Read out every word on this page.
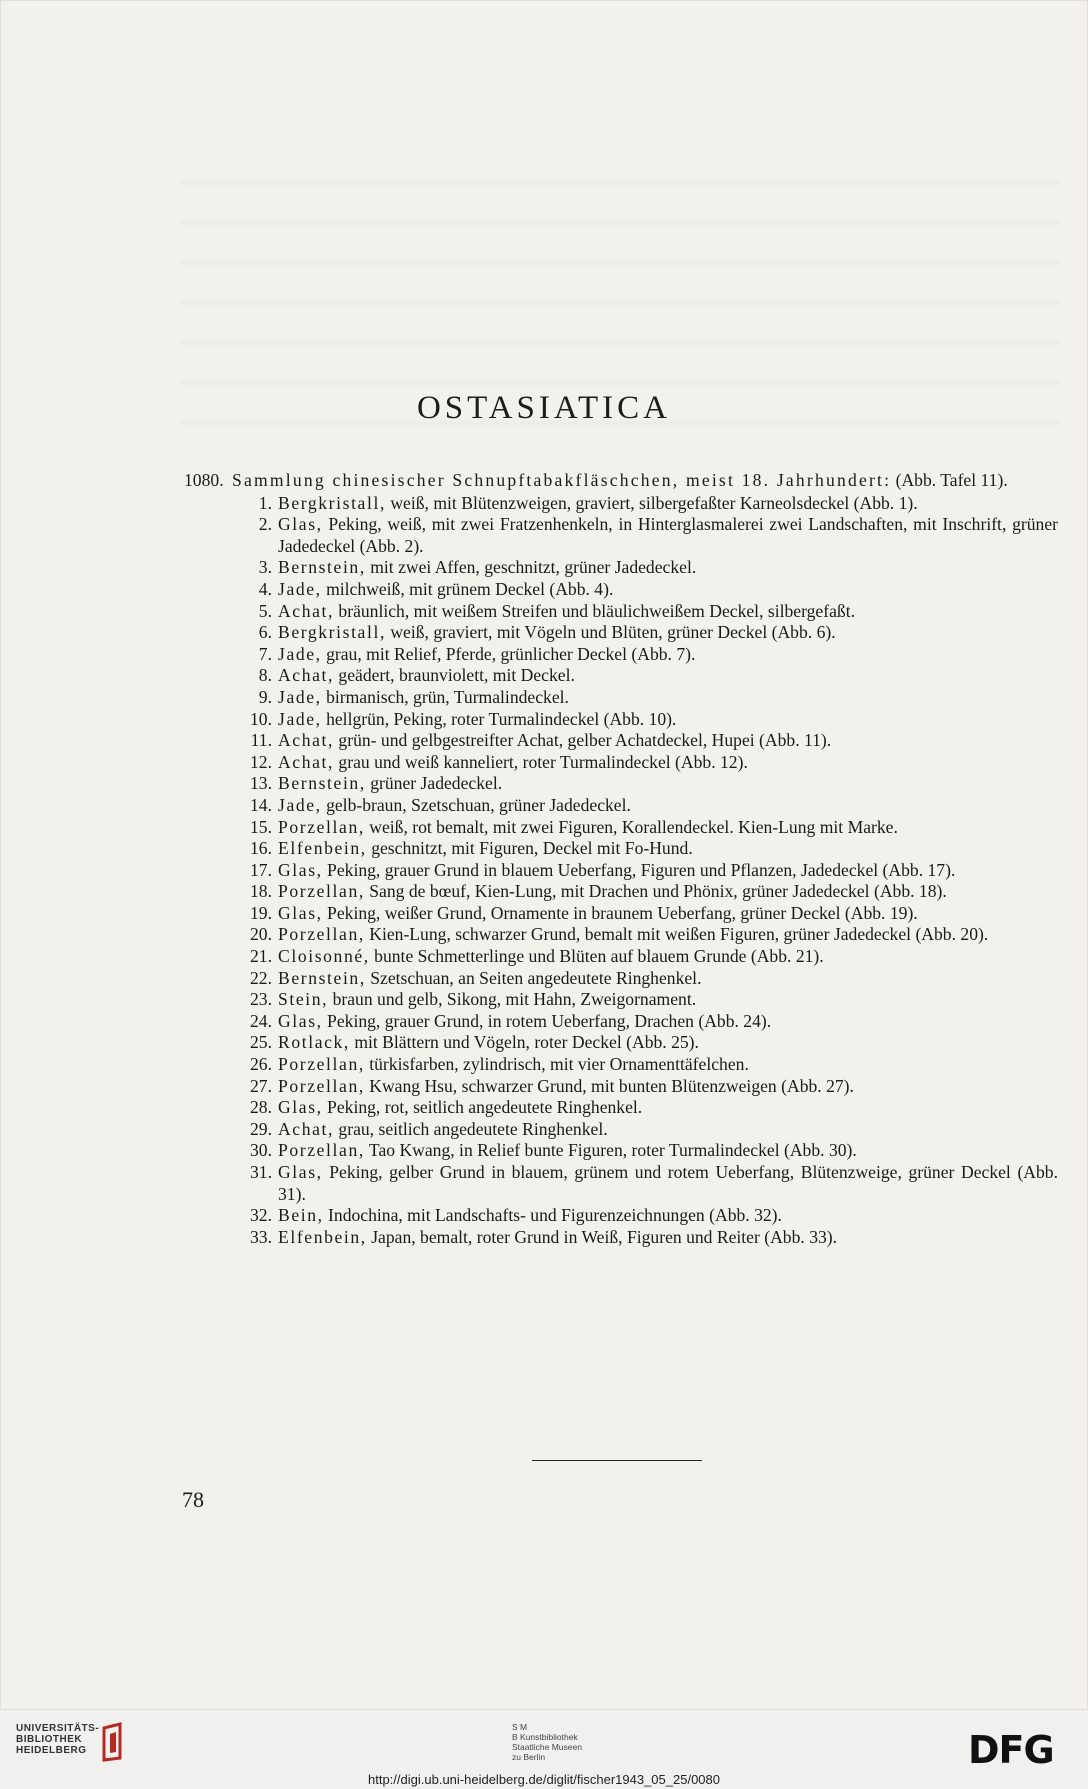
OSTASIATICA
1080. Sammlung chinesischer Schnupftabakfläschchen, meist 18. Jahrhundert: (Abb. Tafel 11).
1. Bergkristall, weiß, mit Blütenzweigen, graviert, silbergefaßter Karneolsdeckel (Abb. 1).
2. Glas, Peking, weiß, mit zwei Fratzenhenkeln, in Hinterglasmalerei zwei Landschaften, mit Inschrift, grüner Jadedeckel (Abb. 2).
3. Bernstein, mit zwei Affen, geschnitzt, grüner Jadedeckel.
4. Jade, milchweiß, mit grünem Deckel (Abb. 4).
5. Achat, bräunlich, mit weißem Streifen und bläulichweißem Deckel, silbergefaßt.
6. Bergkristall, weiß, graviert, mit Vögeln und Blüten, grüner Deckel (Abb. 6).
7. Jade, grau, mit Relief, Pferde, grünlicher Deckel (Abb. 7).
8. Achat, geädert, braunviolett, mit Deckel.
9. Jade, birmanisch, grün, Turmalindeckel.
10. Jade, hellgrün, Peking, roter Turmalindeckel (Abb. 10).
11. Achat, grün- und gelbgestreifter Achat, gelber Achatdeckel, Hupei (Abb. 11).
12. Achat, grau und weiß kanneliert, roter Turmalindeckel (Abb. 12).
13. Bernstein, grüner Jadedeckel.
14. Jade, gelb-braun, Szetschuan, grüner Jadedeckel.
15. Porzellan, weiß, rot bemalt, mit zwei Figuren, Korallendeckel. Kien-Lung mit Marke.
16. Elfenbein, geschnitzt, mit Figuren, Deckel mit Fo-Hund.
17. Glas, Peking, grauer Grund in blauem Ueberfang, Figuren und Pflanzen, Jadedeckel (Abb. 17).
18. Porzellan, Sang de bœuf, Kien-Lung, mit Drachen und Phönix, grüner Jadedeckel (Abb. 18).
19. Glas, Peking, weißer Grund, Ornamente in braunem Ueberfang, grüner Deckel (Abb. 19).
20. Porzellan, Kien-Lung, schwarzer Grund, bemalt mit weißen Figuren, grüner Jadedeckel (Abb. 20).
21. Cloisonné, bunte Schmetterlinge und Blüten auf blauem Grunde (Abb. 21).
22. Bernstein, Szetschuan, an Seiten angedeutete Ringhenkel.
23. Stein, braun und gelb, Sikong, mit Hahn, Zweigornament.
24. Glas, Peking, grauer Grund, in rotem Ueberfang, Drachen (Abb. 24).
25. Rotlack, mit Blättern und Vögeln, roter Deckel (Abb. 25).
26. Porzellan, türkisfarben, zylindrisch, mit vier Ornamenttäfelchen.
27. Porzellan, Kwang Hsu, schwarzer Grund, mit bunten Blütenzweigen (Abb. 27).
28. Glas, Peking, rot, seitlich angedeutete Ringhenkel.
29. Achat, grau, seitlich angedeutete Ringhenkel.
30. Porzellan, Tao Kwang, in Relief bunte Figuren, roter Turmalindeckel (Abb. 30).
31. Glas, Peking, gelber Grund in blauem, grünem und rotem Ueberfang, Blütenzweige, grüner Deckel (Abb. 31).
32. Bein, Indochina, mit Landschafts- und Figurenzeichnungen (Abb. 32).
33. Elfenbein, Japan, bemalt, roter Grund in Weiß, Figuren und Reiter (Abb. 33).
78
UNIVERSITÄTS-
BIBLIOTHEK
HEIDELBERG
S M
B Kunstbibliothek
Staatliche Museen
zu Berlin	DFG
http://digi.ub.uni-heidelberg.de/diglit/fischer1943_05_25/0080
